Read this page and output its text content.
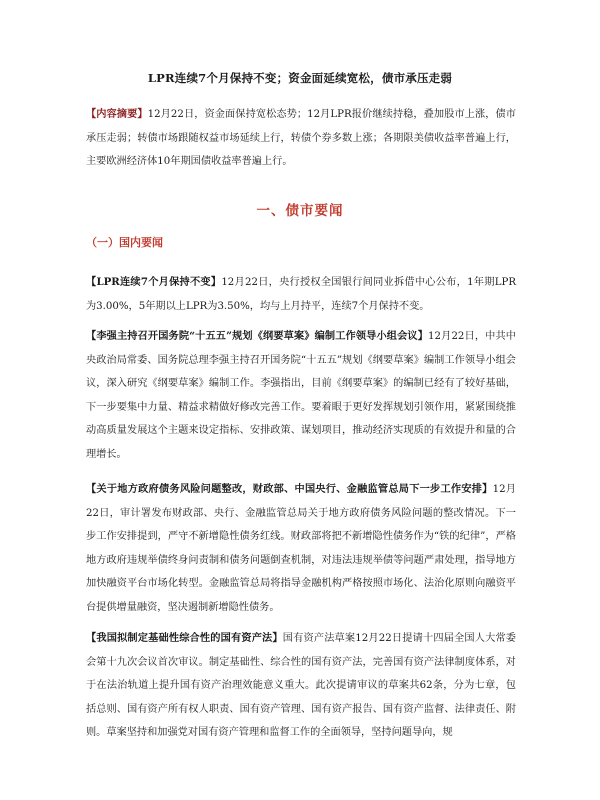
LPR连续7个月保持不变；资金面延续宽松，债市承压走弱
【内容摘要】12月22日，资金面保持宽松态势；12月LPR报价继续持稳，叠加股市上涨，债市承压走弱；转债市场跟随权益市场延续上行，转债个券多数上涨；各期限美债收益率普遍上行，主要欧洲经济体10年期国债收益率普遍上行。
一、债市要闻
（一）国内要闻
【LPR连续7个月保持不变】12月22日，央行授权全国银行间同业拆借中心公布，1年期LPR为3.00%，5年期以上LPR为3.50%，均与上月持平，连续7个月保持不变。
【李强主持召开国务院“十五五”规划《纲要草案》编制工作领导小组会议】12月22日，中共中央政治局常委、国务院总理李强主持召开国务院“十五五”规划《纲要草案》编制工作领导小组会议，深入研究《纲要草案》编制工作。李强指出，目前《纲要草案》的编制已经有了较好基础，下一步要集中力量、精益求精做好修改完善工作。要着眼于更好发挥规划引领作用，紧紧围绕推动高质量发展这个主题来设定指标、安排政策、谋划项目，推动经济实现质的有效提升和量的合理增长。
【关于地方政府债务风险问题整改，财政部、中国央行、金融监管总局下一步工作安排】12月22日，审计署发布财政部、央行、金融监管总局关于地方政府债务风险问题的整改情况。下一步工作安排提到，严守不新增隐性债务红线。财政部将把不新增隐性债务作为“铁的纪律”，严格地方政府违规举债终身问责制和债务问题倒查机制，对违法违规举债等问题严肃处理，指导地方加快融资平台市场化转型。金融监管总局将指导金融机构严格按照市场化、法治化原则向融资平台提供增量融资，坚决遏制新增隐性债务。
【我国拟制定基础性综合性的国有资产法】国有资产法草案12月22日提请十四届全国人大常委会第十九次会议首次审议。制定基础性、综合性的国有资产法，完善国有资产法律制度体系，对于在法治轨道上提升国有资产治理效能意义重大。此次提请审议的草案共62条，分为七章，包括总则、国有资产所有权人职责、国有资产管理、国有资产报告、国有资产监督、法律责任、附则。草案坚持和加强党对国有资产管理和监督工作的全面领导，坚持问题导向，规
